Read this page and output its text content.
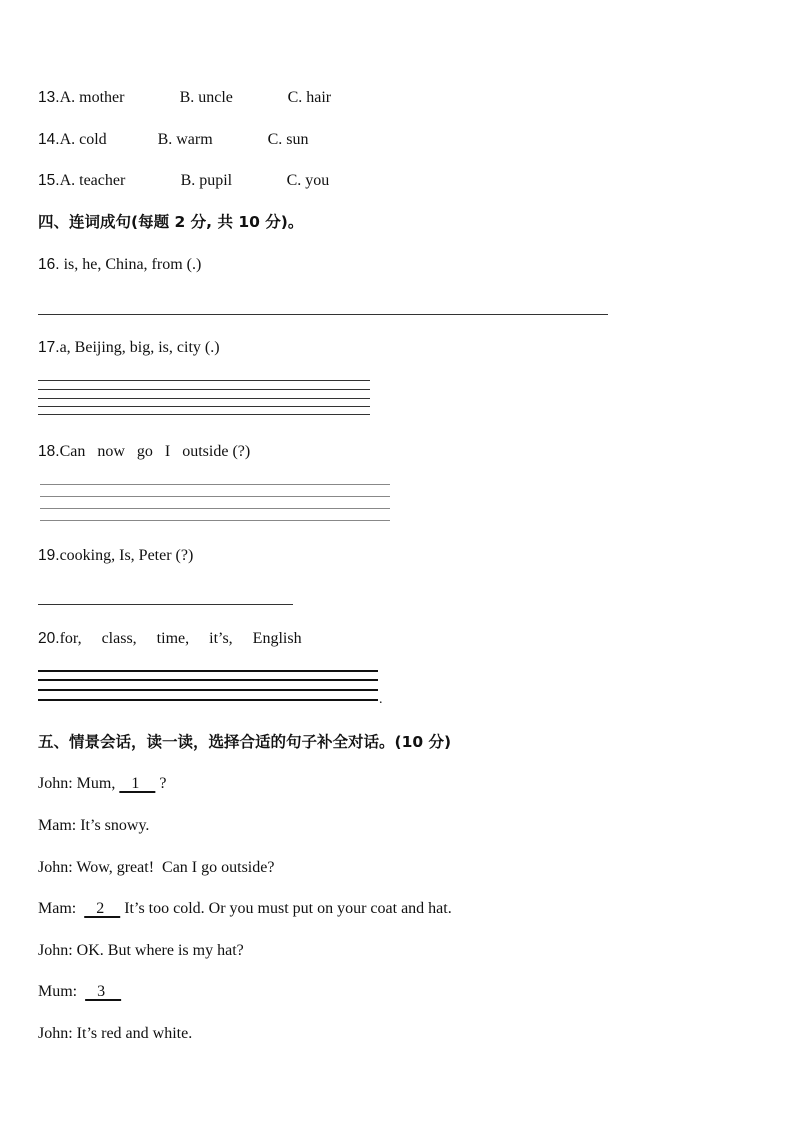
13.A. mother	B. uncle	C. hair
14.A. cold	B. warm	C. sun
15.A. teacher	B. pupil	C. you
四、连词成句(每题 2 分, 共 10 分)。
16. is, he, China, from (.)
17.a, Beijing, big, is, city (.)
18.Can   now   go   I   outside (?)
19.cooking, Is, Peter (?)
20.for,     class,     time,     it’s,     English
.
五、情景会话，读一读，选择合适的句子补全对话。(10 分)
John: Mum,    1     ?
Mam: It’s snowy.
John: Wow, great!  Can I go outside?
Mam:     2     It’s too cold. Or you must put on your coat and hat.
John: OK. But where is my hat?
Mum:     3
John: It’s red and white.
